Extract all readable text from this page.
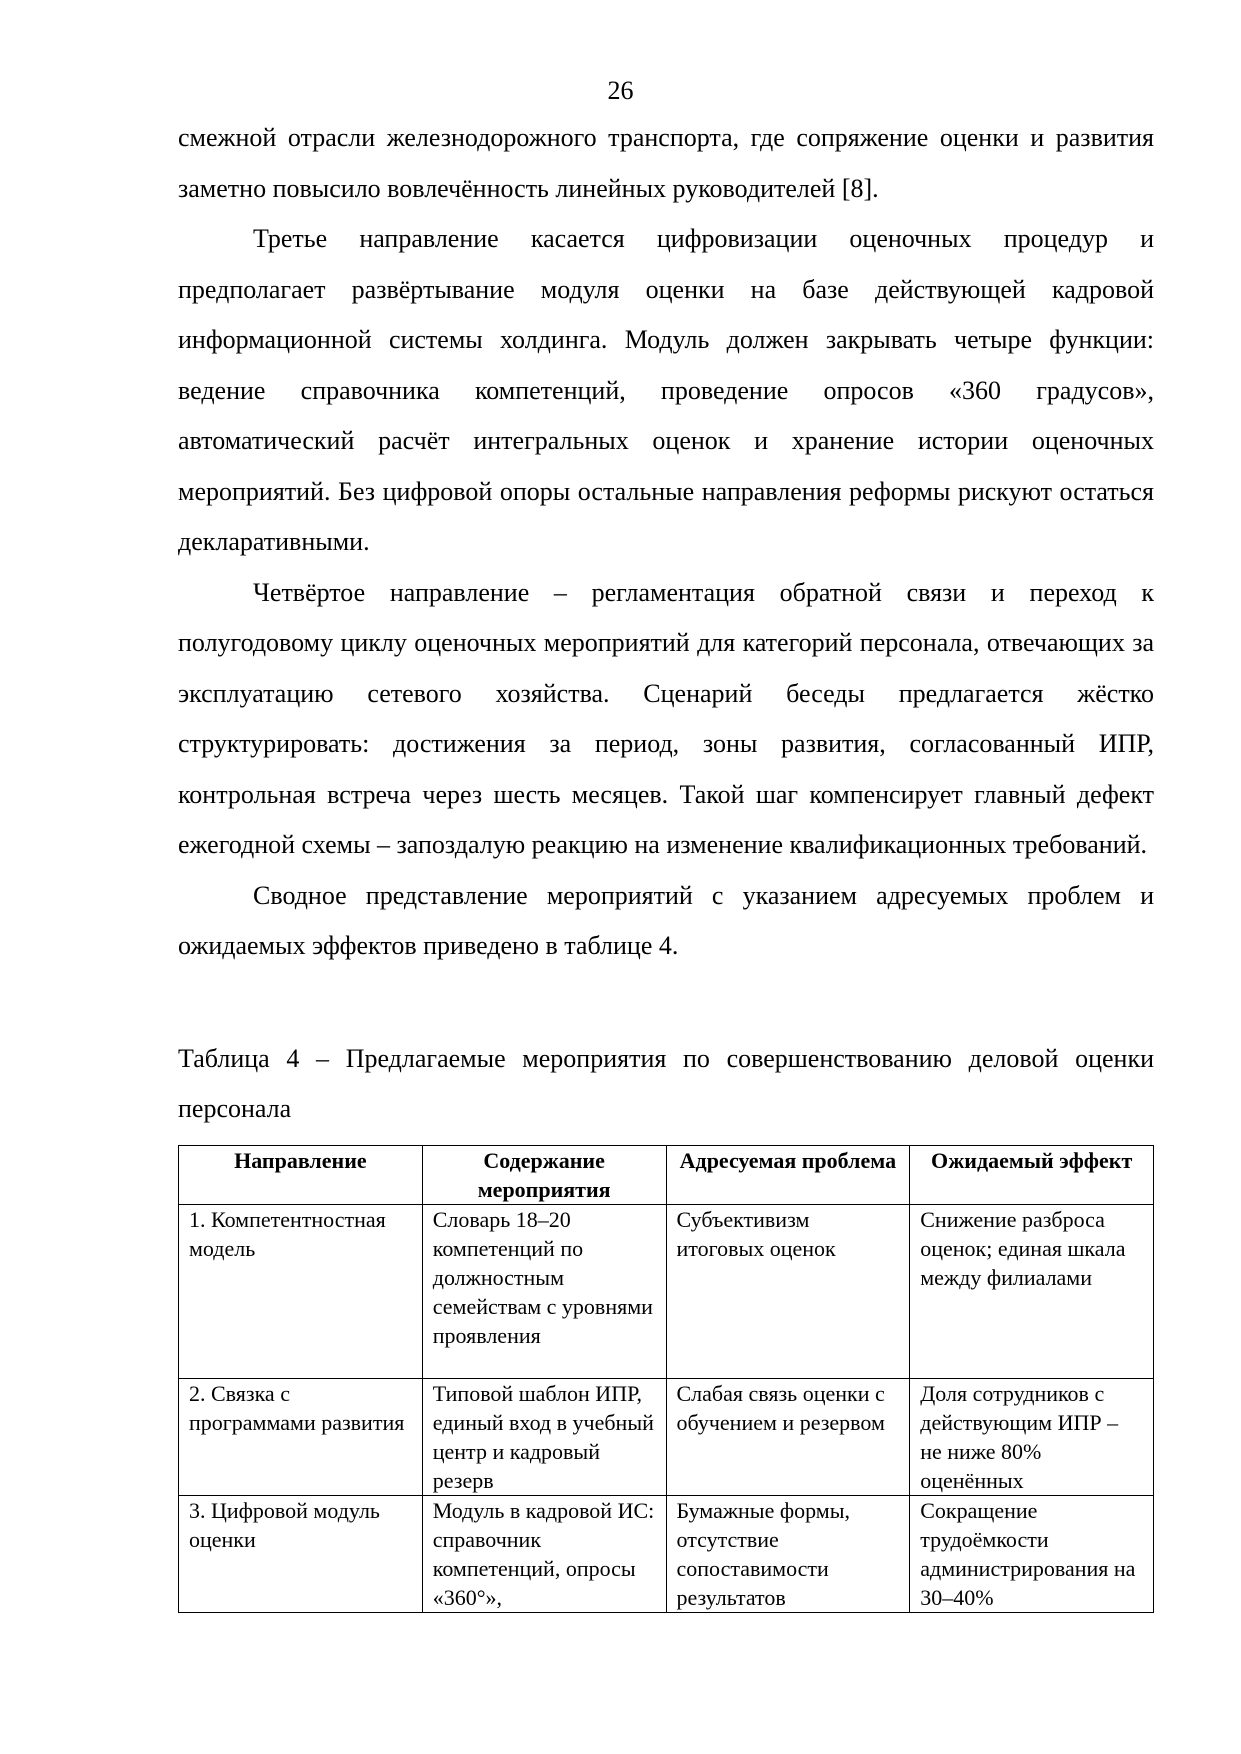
26

смежной отрасли железнодорожного транспорта, где сопряжение оценки и развития заметно повысило вовлечённость линейных руководителей [8].

Третье направление касается цифровизации оценочных процедур и предполагает развёртывание модуля оценки на базе действующей кадровой информационной системы холдинга. Модуль должен закрывать четыре функции: ведение справочника компетенций, проведение опросов «360 градусов», автоматический расчёт интегральных оценок и хранение истории оценочных мероприятий. Без цифровой опоры остальные направления реформы рискуют остаться декларативными.

Четвёртое направление – регламентация обратной связи и переход к полугодовому циклу оценочных мероприятий для категорий персонала, отвечающих за эксплуатацию сетевого хозяйства. Сценарий беседы предлагается жёстко структурировать: достижения за период, зоны развития, согласованный ИПР, контрольная встреча через шесть месяцев. Такой шаг компенсирует главный дефект ежегодной схемы – запоздалую реакцию на изменение квалификационных требований.

Сводное представление мероприятий с указанием адресуемых проблем и ожидаемых эффектов приведено в таблице 4.

Таблица 4 – Предлагаемые мероприятия по совершенствованию деловой оценки персонала

Направление	Содержание мероприятия	Адресуемая проблема	Ожидаемый эффект
1. Компетентностная модель	Словарь 18–20 компетенций по должностным семействам с уровнями проявления	Субъективизм итоговых оценок	Снижение разброса оценок; единая шкала между филиалами
2. Связка с программами развития	Типовой шаблон ИПР, единый вход в учебный центр и кадровый резерв	Слабая связь оценки с обучением и резервом	Доля сотрудников с действующим ИПР – не ниже 80% оценённых
3. Цифровой модуль оценки	Модуль в кадровой ИС: справочник компетенций, опросы «360°»,	Бумажные формы, отсутствие сопоставимости результатов	Сокращение трудоёмкости администрирования на 30–40%
